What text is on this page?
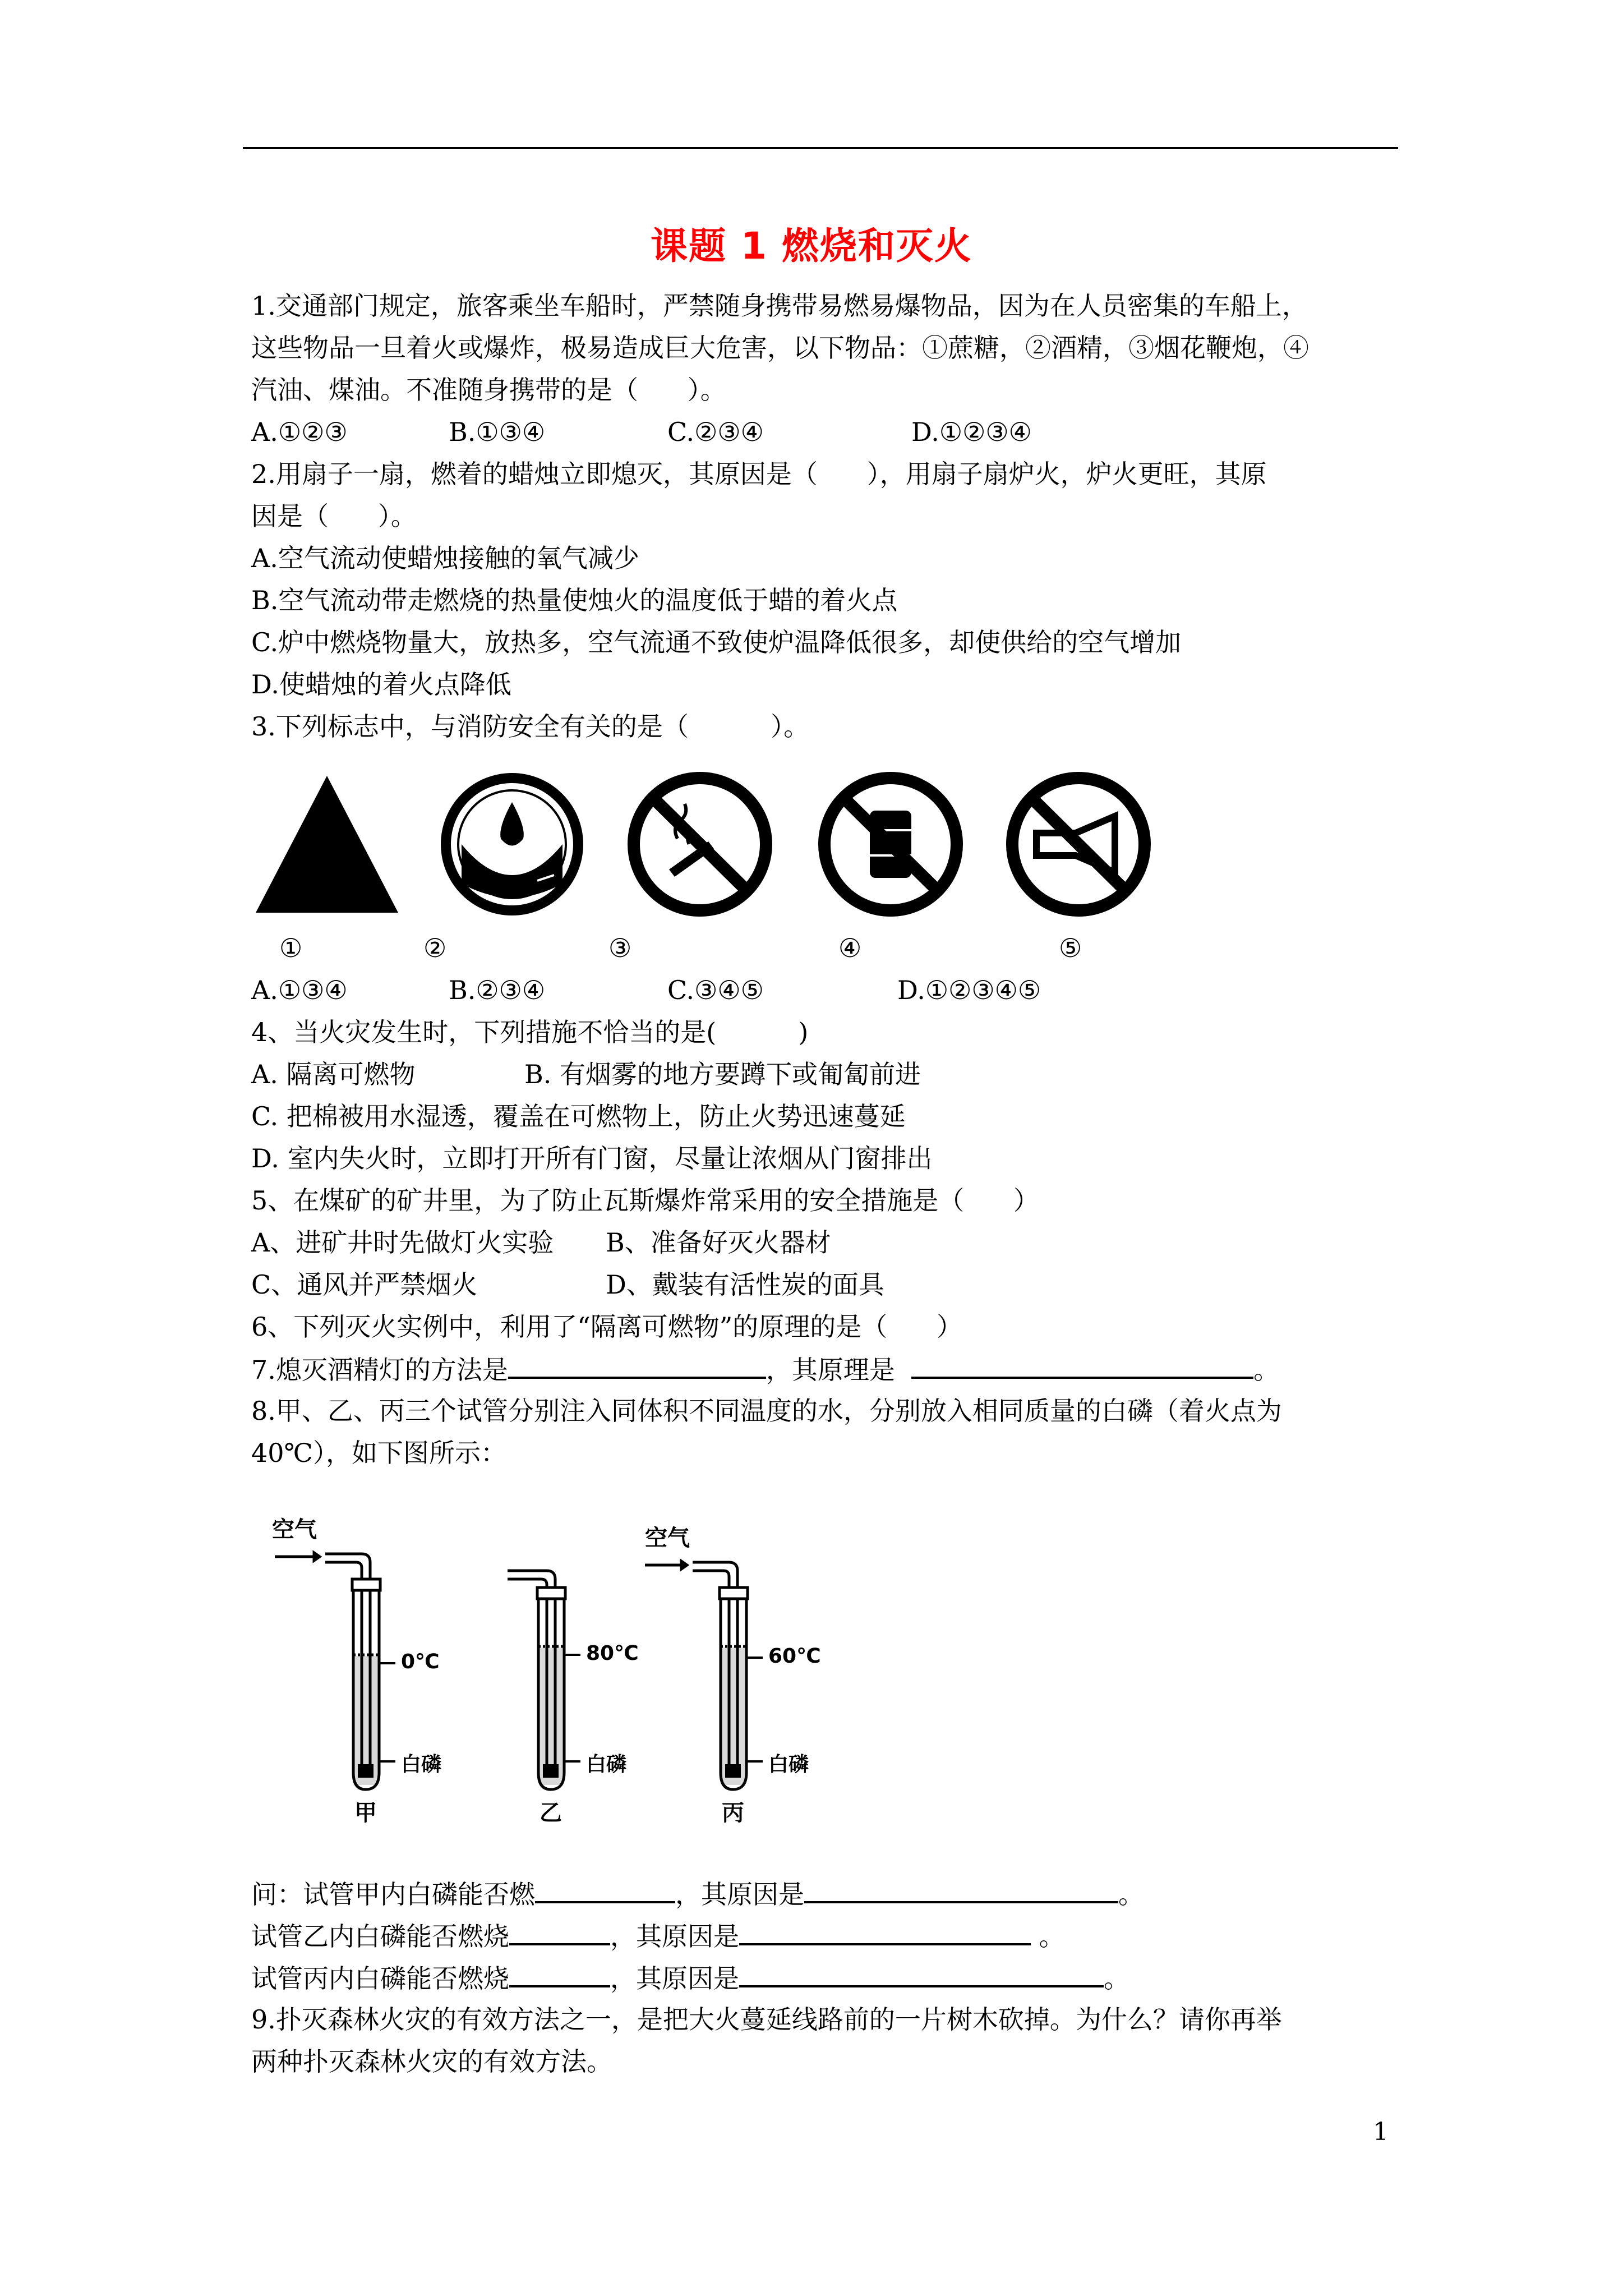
课题 1 燃烧和灭火
1.交通部门规定，旅客乘坐车船时，严禁随身携带易燃易爆物品，因为在人员密集的车船上，
这些物品一旦着火或爆炸，极易造成巨大危害，以下物品：①蔗糖，②酒精，③烟花鞭炮，④
汽油、煤油。不准随身携带的是（      ）。
A.①②③	B.①③④	C.②③④	D.①②③④
2.用扇子一扇，燃着的蜡烛立即熄灭，其原因是（      ），用扇子扇炉火，炉火更旺，其原
因是（      ）。
A.空气流动使蜡烛接触的氧气减少
B.空气流动带走燃烧的热量使烛火的温度低于蜡的着火点
C.炉中燃烧物量大，放热多，空气流通不致使炉温降低很多，却使供给的空气增加
D.使蜡烛的着火点降低
3.下列标志中，与消防安全有关的是（          ）。
①	②	③	④	⑤
A.①③④	B.②③④	C.③④⑤	D.①②③④⑤
4、当火灾发生时，下列措施不恰当的是(          )
A. 隔离可燃物	B. 有烟雾的地方要蹲下或匍匐前进
C. 把棉被用水湿透，覆盖在可燃物上，防止火势迅速蔓延
D. 室内失火时，立即打开所有门窗，尽量让浓烟从门窗排出
5、在煤矿的矿井里，为了防止瓦斯爆炸常采用的安全措施是（      ）
A、进矿井时先做灯火实验 B、准备好灭火器材
C、通风并严禁烟火	D、戴装有活性炭的面具
6、下列灭火实例中，利用了“隔离可燃物”的原理的是（      ）
7.熄灭酒精灯的方法是	，其原理是	。
8.甲、乙、丙三个试管分别注入同体积不同温度的水，分别放入相同质量的白磷（着火点为
40℃），如下图所示：
空气	空气
0℃	80℃	60℃
白磷	白磷	白磷
甲	乙	丙
问：试管甲内白磷能否燃	，其原因是	。
试管乙内白磷能否燃烧	，其原因是	。
试管丙内白磷能否燃烧	，其原因是	。
9.扑灭森林火灾的有效方法之一，是把大火蔓延线路前的一片树木砍掉。为什么？请你再举
两种扑灭森林火灾的有效方法。
1
